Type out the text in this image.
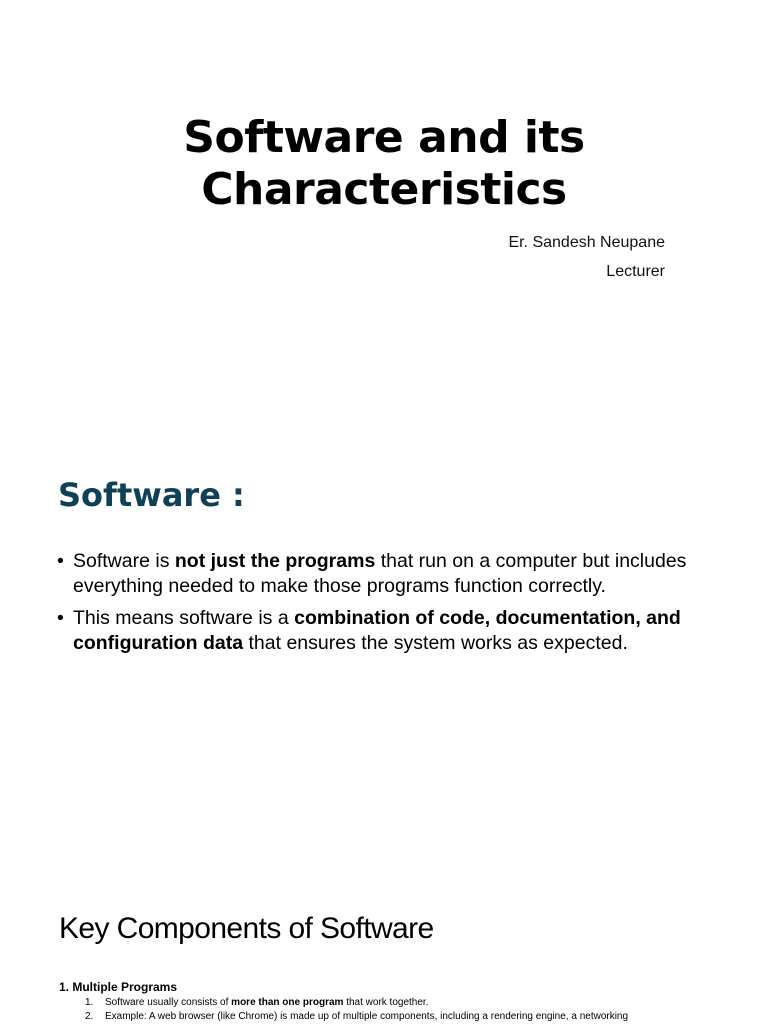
Software and its
Characteristics
Er. Sandesh Neupane
Lecturer
Software :
• Software is not just the programs that run on a computer but includes everything needed to make those programs function correctly.
• This means software is a combination of code, documentation, and configuration data that ensures the system works as expected.
Key Components of Software

1. Multiple Programs

1. Software usually consists of more than one program that work together.
2. Example: A web browser (like Chrome) is made up of multiple components, including a rendering engine, a networking
